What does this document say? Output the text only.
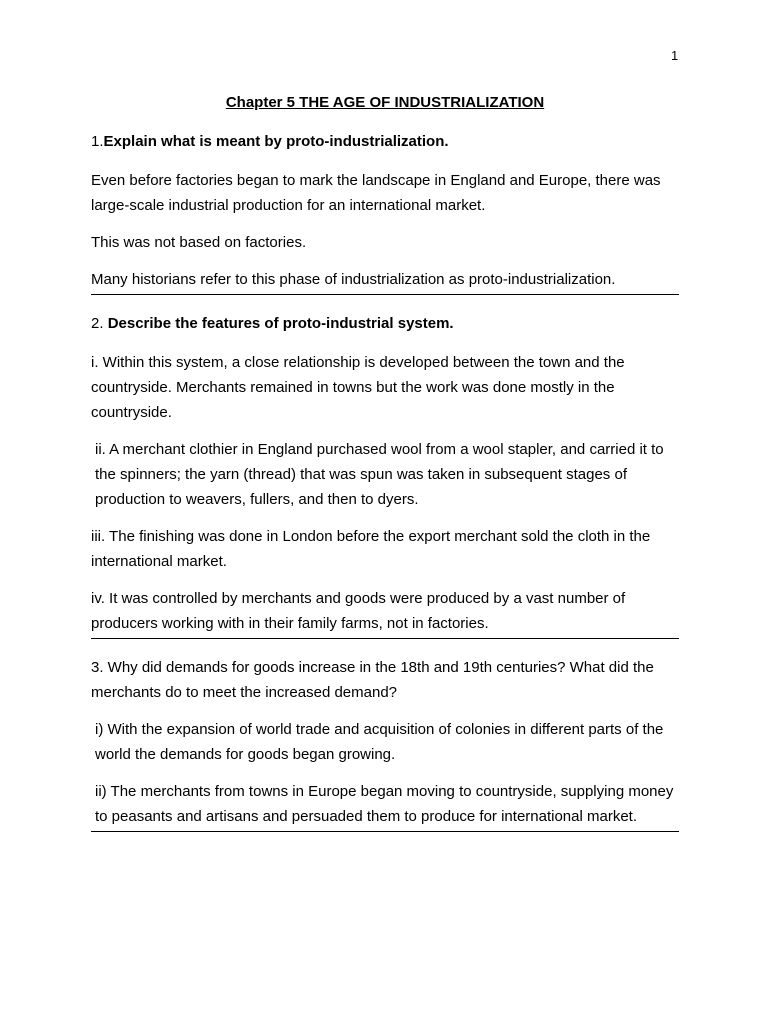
1
Chapter 5 THE AGE OF INDUSTRIALIZATION

1.Explain what is meant by proto-industrialization.

Even before factories began to mark the landscape in England and Europe, there was large-scale industrial production for an international market.

This was not based on factories.

Many historians refer to this phase of industrialization as proto-industrialization.

2. Describe the features of proto-industrial system.

i. Within this system, a close relationship is developed between the town and the countryside. Merchants remained in towns but the work was done mostly in the countryside.

ii. A merchant clothier in England purchased wool from a wool stapler, and carried it to the spinners; the yarn (thread) that was spun was taken in subsequent stages of production to weavers, fullers, and then to dyers.

iii. The finishing was done in London before the export merchant sold the cloth in the international market.

iv. It was controlled by merchants and goods were produced by a vast number of producers working with in their family farms, not in factories.

3. Why did demands for goods increase in the 18th and 19th centuries? What did the merchants do to meet the increased demand?

i) With the expansion of world trade and acquisition of colonies in different parts of the world the demands for goods began growing.

ii) The merchants from towns in Europe began moving to countryside, supplying money to peasants and artisans and persuaded them to produce for international market.
